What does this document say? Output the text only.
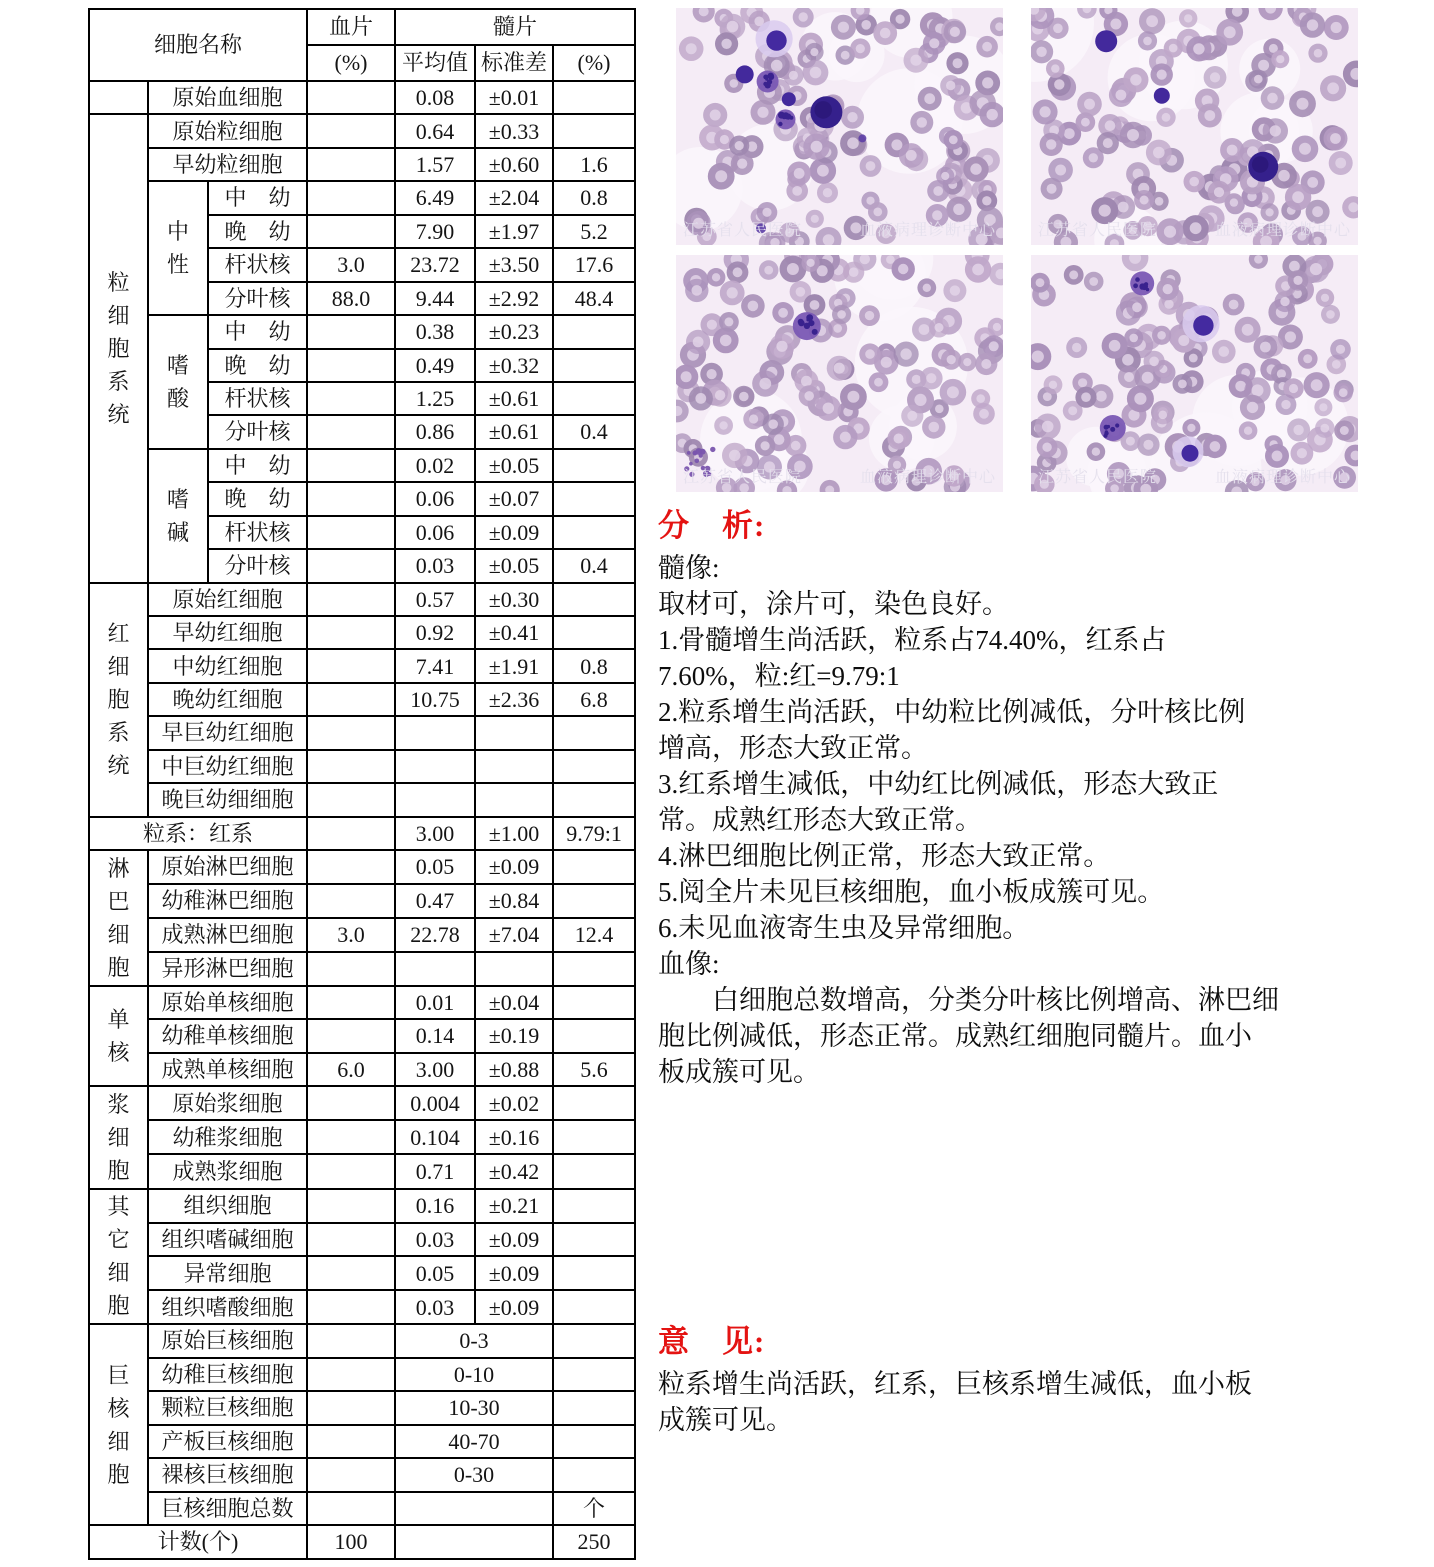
细胞名称			血片	髓片		
			(%)	平均值	标准差	(%)
	原始血细胞			0.08	±0.01	
粒细胞系统	原始粒细胞			0.64	±0.33	
	早幼粒细胞			1.57	±0.60	1.6
	中性	中　幼		6.49	±2.04	0.8
		晚　幼		7.90	±1.97	5.2
		杆状核	3.0	23.72	±3.50	17.6
		分叶核	88.0	9.44	±2.92	48.4
	嗜酸	中　幼		0.38	±0.23	
		晚　幼		0.49	±0.32	
		杆状核		1.25	±0.61	
		分叶核		0.86	±0.61	0.4
	嗜碱	中　幼		0.02	±0.05	
		晚　幼		0.06	±0.07	
		杆状核		0.06	±0.09	
		分叶核		0.03	±0.05	0.4
红细胞系统	原始红细胞			0.57	±0.30	
	早幼红细胞			0.92	±0.41	
	中幼红细胞			7.41	±1.91	0.8
	晚幼红细胞			10.75	±2.36	6.8
	早巨幼红细胞					
	中巨幼红细胞					
	晚巨幼细细胞					
粒系：红系				3.00	±1.00	9.79:1
淋巴细胞	原始淋巴细胞			0.05	±0.09	
	幼稚淋巴细胞			0.47	±0.84	
	成熟淋巴细胞		3.0	22.78	±7.04	12.4
	异形淋巴细胞					
单核	原始单核细胞			0.01	±0.04	
	幼稚单核细胞			0.14	±0.19	
	成熟单核细胞		6.0	3.00	±0.88	5.6
浆细胞	原始浆细胞			0.004	±0.02	
	幼稚浆细胞			0.104	±0.16	
	成熟浆细胞			0.71	±0.42	
其它细胞	组织细胞			0.16	±0.21	
	组织嗜碱细胞			0.03	±0.09	
	异常细胞			0.05	±0.09	
	组织嗜酸细胞			0.03	±0.09	
巨核细胞	原始巨核细胞			0-3		
	幼稚巨核细胞			0-10		
	颗粒巨核细胞			10-30		
	产板巨核细胞			40-70		
	裸核巨核细胞			0-30		
	巨核细胞总数					个
计数(个)			100			250
江苏省人民医院	血液病理诊断中心	江苏省人民医院	血液病理诊断中心
江苏省人民医院	血液病理诊断中心	江苏省人民医院	血液病理诊断中心
分　析:
髓像:
取材可，涂片可，染色良好。
1.骨髓增生尚活跃，粒系占74.40%，红系占
7.60%，粒:红=9.79:1
2.粒系增生尚活跃，中幼粒比例减低，分叶核比例
增高，形态大致正常。
3.红系增生减低，中幼红比例减低，形态大致正
常。成熟红形态大致正常。
4.淋巴细胞比例正常，形态大致正常。
5.阅全片未见巨核细胞，血小板成簇可见。
6.未见血液寄生虫及异常细胞。
血像:
　　白细胞总数增高，分类分叶核比例增高、淋巴细
胞比例减低，形态正常。成熟红细胞同髓片。血小
板成簇可见。
意　见:
粒系增生尚活跃，红系，巨核系增生减低，血小板
成簇可见。
